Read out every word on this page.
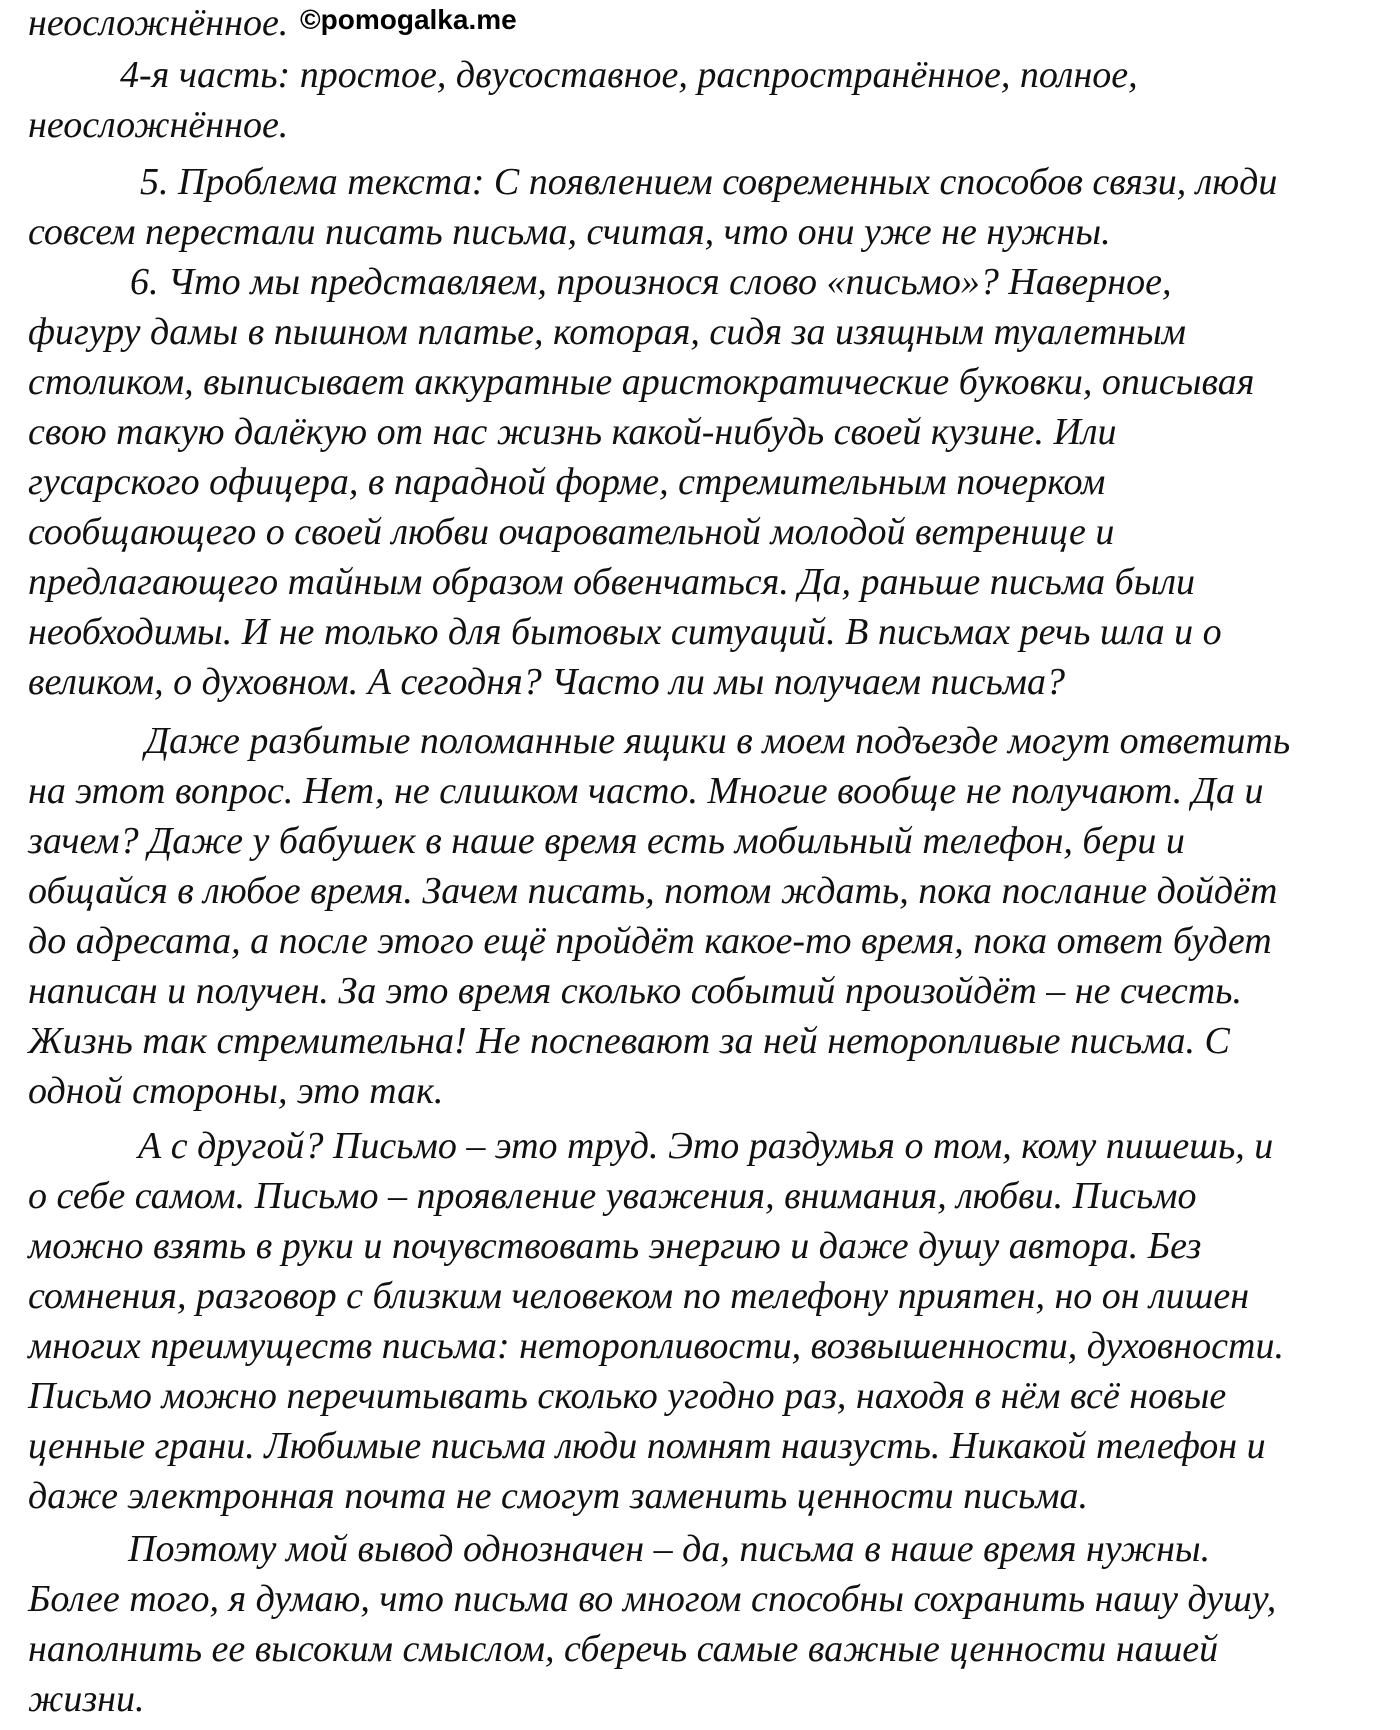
©pomogalka.me
неосложнённое.
4-я часть: простое, двусоставное, распространённое, полное,
неосложнённое.
5. Проблема текста: С появлением современных способов связи, люди
совсем перестали писать письма, считая, что они уже не нужны.
6. Что мы представляем, произнося слово «письмо»? Наверное,
фигуру дамы в пышном платье, которая, сидя за изящным туалетным
столиком, выписывает аккуратные аристократические буковки, описывая
свою такую далёкую от нас жизнь какой-нибудь своей кузине. Или
гусарского офицера, в парадной форме, стремительным почерком
сообщающего о своей любви очаровательной молодой ветренице и
предлагающего тайным образом обвенчаться. Да, раньше письма были
необходимы. И не только для бытовых ситуаций. В письмах речь шла и о
великом, о духовном. А сегодня? Часто ли мы получаем письма?
Даже разбитые поломанные ящики в моем подъезде могут ответить
на этот вопрос. Нет, не слишком часто. Многие вообще не получают. Да и
зачем? Даже у бабушек в наше время есть мобильный телефон, бери и
общайся в любое время. Зачем писать, потом ждать, пока послание дойдёт
до адресата, а после этого ещё пройдёт какое-то время, пока ответ будет
написан и получен. За это время сколько событий произойдёт – не счесть.
Жизнь так стремительна! Не поспевают за ней неторопливые письма. С
одной стороны, это так.
А с другой? Письмо – это труд. Это раздумья о том, кому пишешь, и
о себе самом. Письмо – проявление уважения, внимания, любви. Письмо
можно взять в руки и почувствовать энергию и даже душу автора. Без
сомнения, разговор с близким человеком по телефону приятен, но он лишен
многих преимуществ письма: неторопливости, возвышенности, духовности.
Письмо можно перечитывать сколько угодно раз, находя в нём всё новые
ценные грани. Любимые письма люди помнят наизусть. Никакой телефон и
даже электронная почта не смогут заменить ценности письма.
Поэтому мой вывод однозначен – да, письма в наше время нужны.
Более того, я думаю, что письма во многом способны сохранить нашу душу,
наполнить ее высоким смыслом, сберечь самые важные ценности нашей
жизни.
